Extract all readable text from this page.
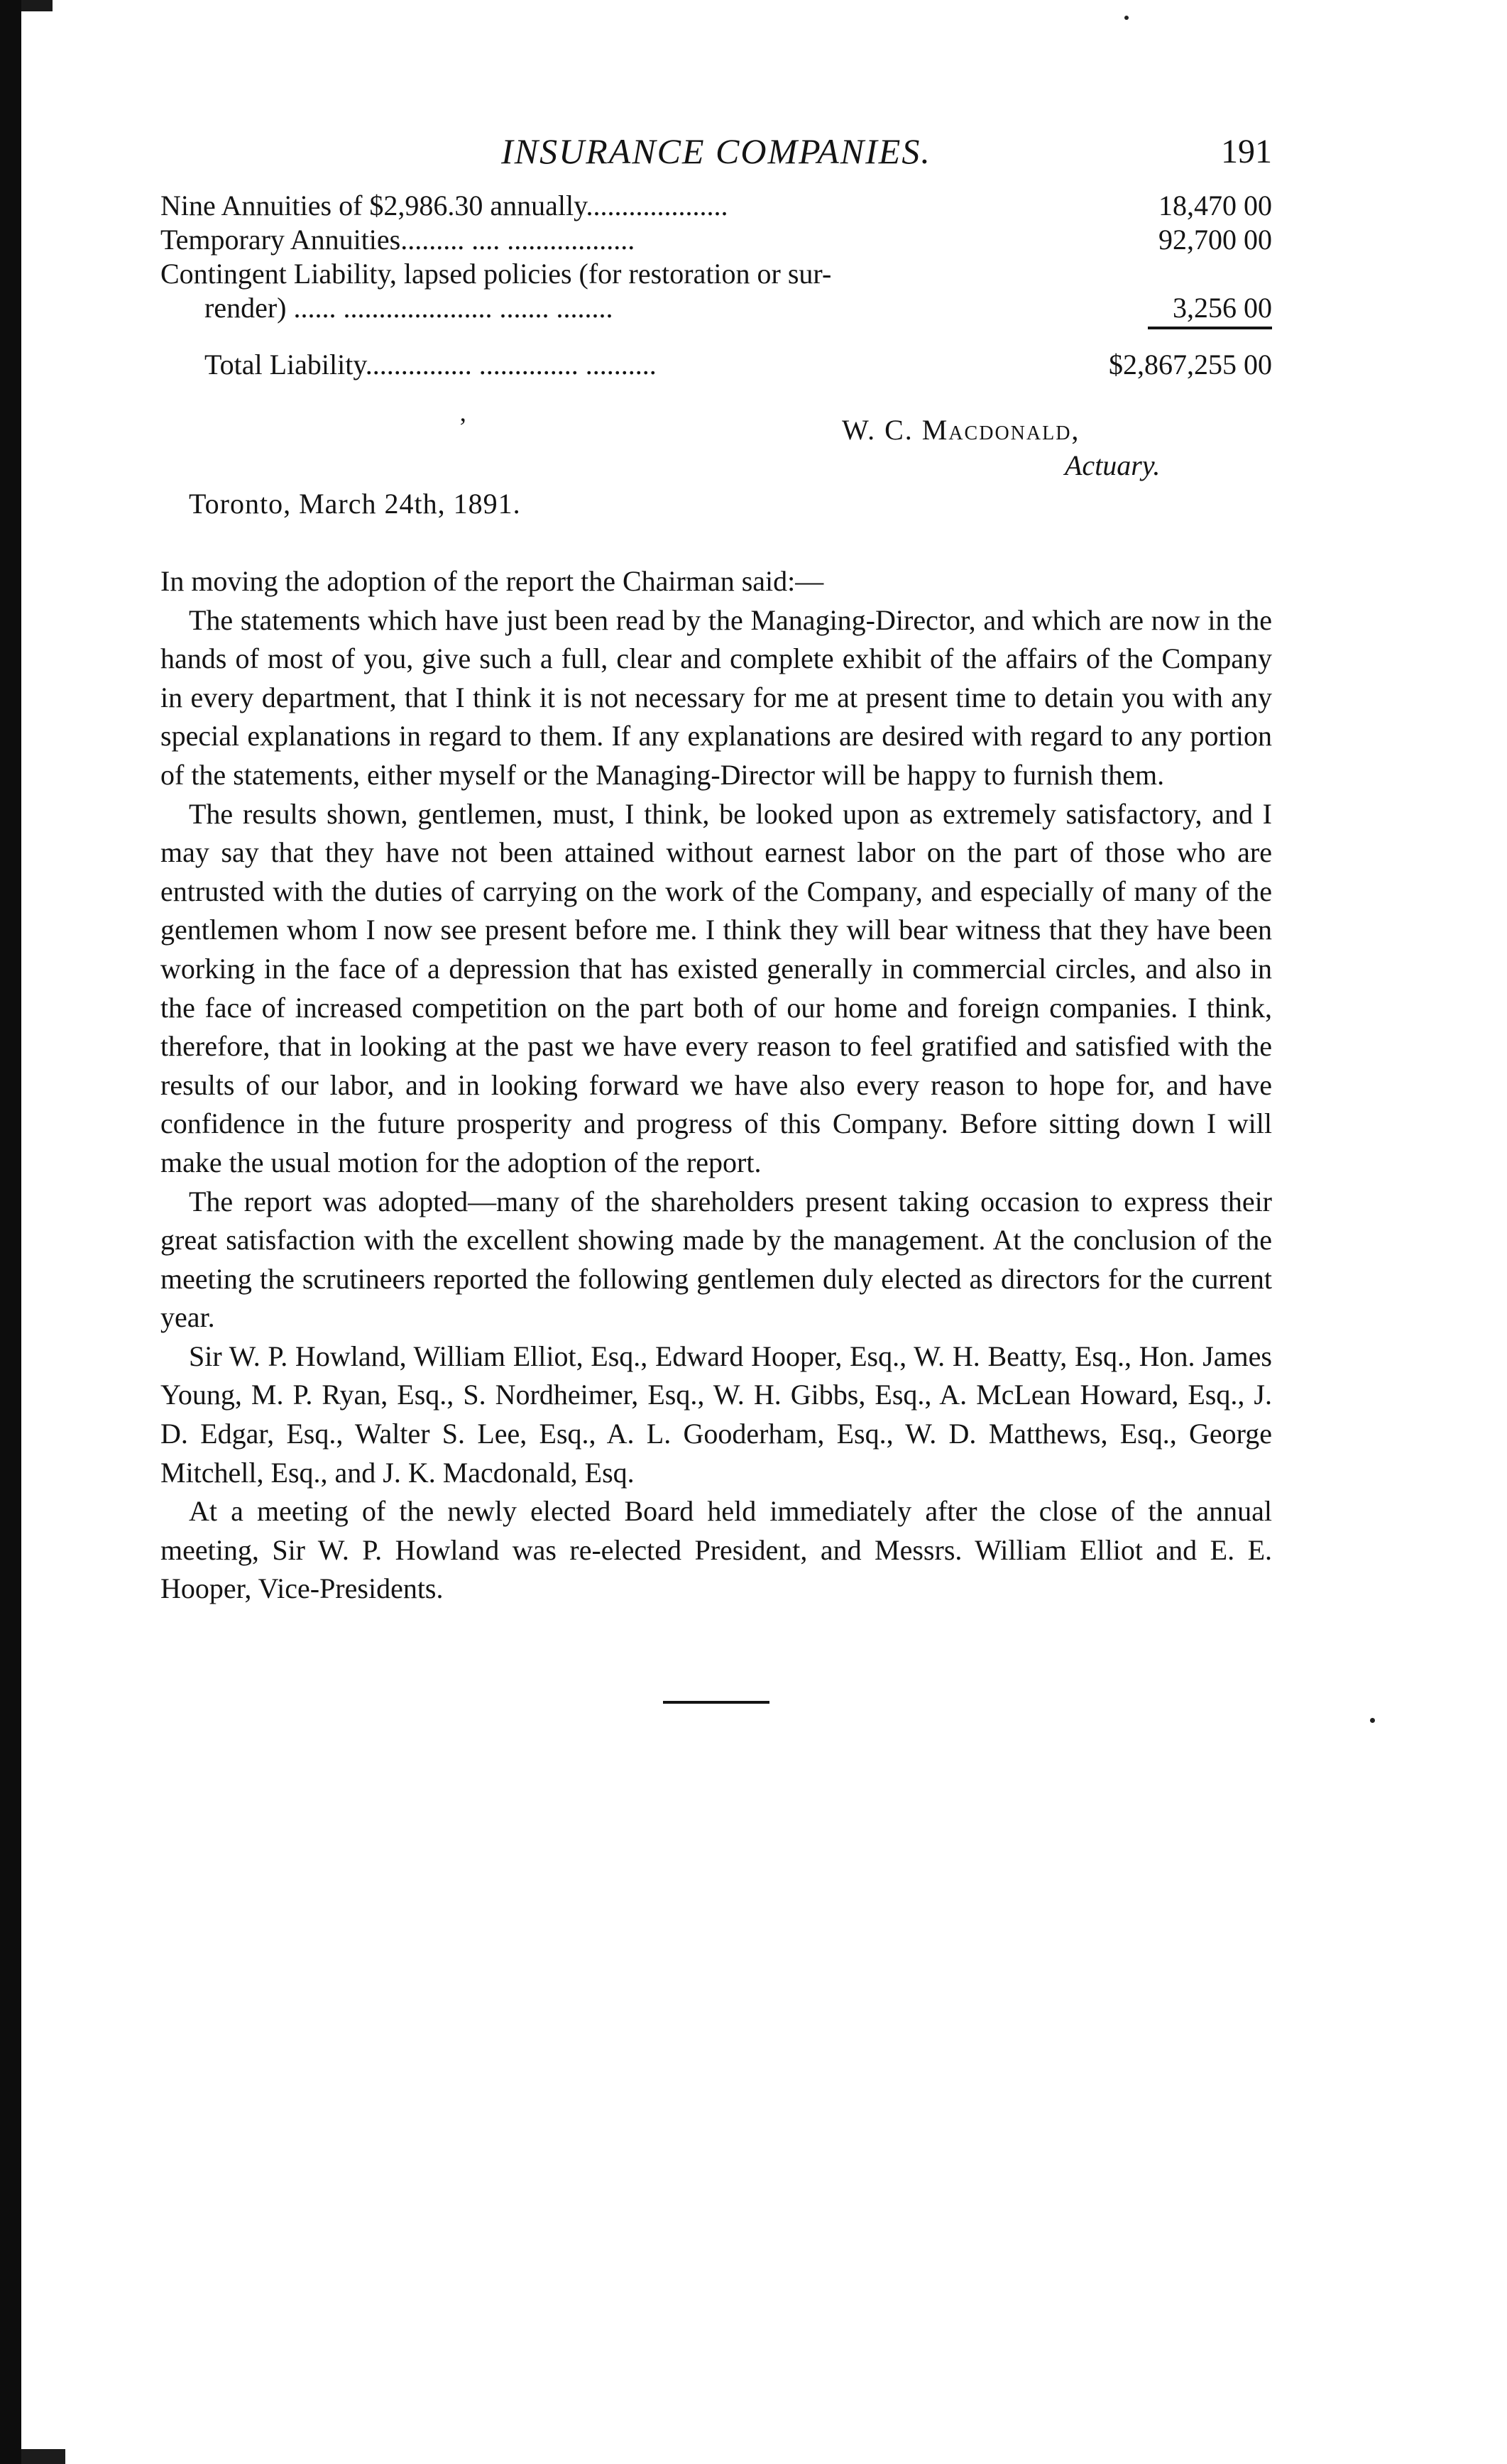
INSURANCE COMPANIES.	191
Nine Annuities of $2,986.30 annually....................	18,470 00
Temporary Annuities......... .... ..................	92,700 00
Contingent Liability, lapsed policies (for restoration or sur-
render) ...... ..................... ....... ........	3,256 00
Total Liability............... .............. ..........	$2,867,255 00
’	W. C. Macdonald,
Actuary.
Toronto, March 24th, 1891.

In moving the adoption of the report the Chairman said:—

The statements which have just been read by the Managing-Director, and which are now in the hands of most of you, give such a full, clear and complete exhibit of the affairs of the Company in every department, that I think it is not necessary for me at present time to detain you with any special explanations in regard to them. If any explanations are desired with regard to any portion of the statements, either myself or the Managing-Director will be happy to furnish them.

The results shown, gentlemen, must, I think, be looked upon as extremely satisfactory, and I may say that they have not been attained without earnest labor on the part of those who are entrusted with the duties of carrying on the work of the Company, and especially of many of the gentlemen whom I now see present before me. I think they will bear witness that they have been working in the face of a depression that has existed generally in commercial circles, and also in the face of increased competition on the part both of our home and foreign companies. I think, therefore, that in looking at the past we have every reason to feel gratified and satisfied with the results of our labor, and in looking forward we have also every reason to hope for, and have confidence in the future prosperity and progress of this Company. Before sitting down I will make the usual motion for the adoption of the report.

The report was adopted—many of the shareholders present taking occasion to express their great satisfaction with the excellent showing made by the management. At the conclusion of the meeting the scrutineers reported the following gentlemen duly elected as directors for the current year.

Sir W. P. Howland, William Elliot, Esq., Edward Hooper, Esq., W. H. Beatty, Esq., Hon. James Young, M. P. Ryan, Esq., S. Nordheimer, Esq., W. H. Gibbs, Esq., A. McLean Howard, Esq., J. D. Edgar, Esq., Walter S. Lee, Esq., A. L. Gooderham, Esq., W. D. Matthews, Esq., George Mitchell, Esq., and J. K. Macdonald, Esq.

At a meeting of the newly elected Board held immediately after the close of the annual meeting, Sir W. P. Howland was re-elected President, and Messrs. William Elliot and E. E. Hooper, Vice-Presidents.
